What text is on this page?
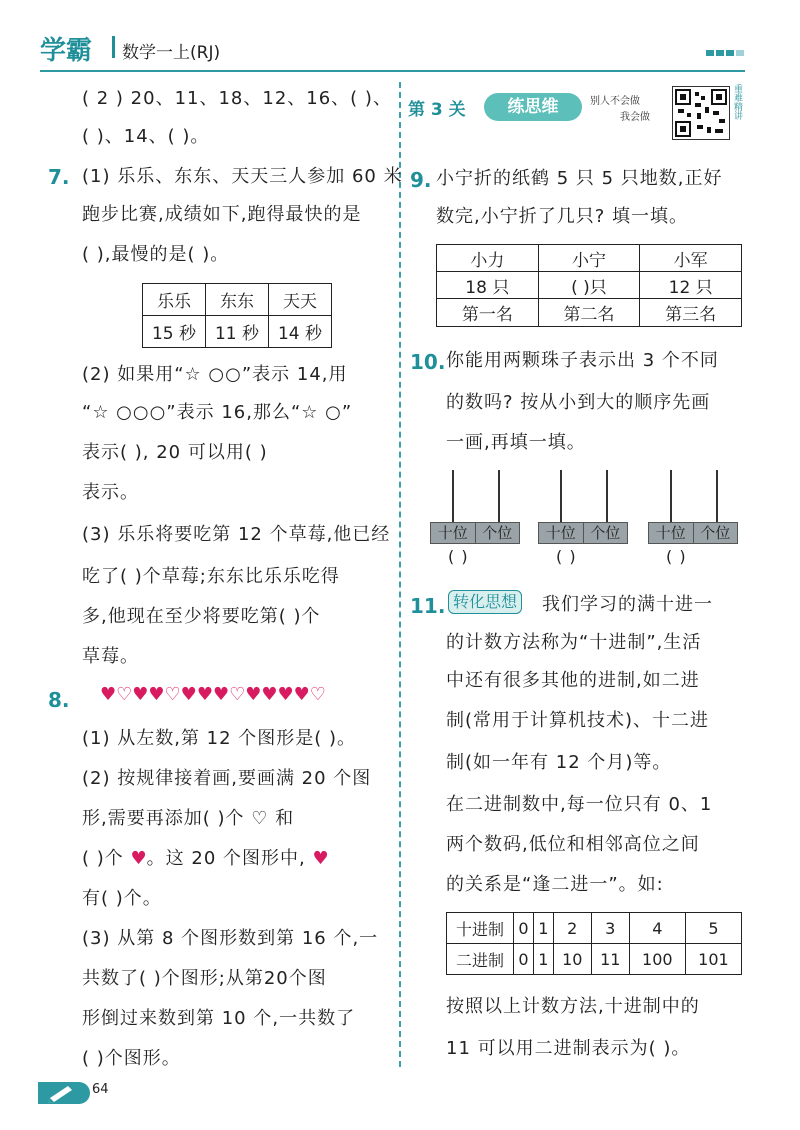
学霸 数学一上(RJ)
( 2 ) 20、11、18、12、16、( )、
( )、14、( )。
7. (1) 乐乐、东东、天天三人参加 60 米
跑步比赛,成绩如下,跑得最快的是
( ),最慢的是( )。
乐乐	东东	天天
15 秒	11 秒	14 秒
(2) 如果用“☆ ○○”表示 14,用
“☆ ○○○”表示 16,那么“☆ ○”
表示( ), 20 可以用( )
表示。
(3) 乐乐将要吃第 12 个草莓,他已经
吃了( )个草莓;东东比乐乐吃得
多,他现在至少将要吃第( )个
草莓。
8. ♥♡♥♥♡♥♥♥♡♥♥♥♥♡
(1) 从左数,第 12 个图形是( )。
(2) 按规律接着画,要画满 20 个图
形,需要再添加( )个 ♡ 和
( )个 ♥。这 20 个图形中, ♥
有( )个。
(3) 从第 8 个图形数到第 16 个,一
共数了( )个图形;从第20个图
形倒过来数到第 10 个,一共数了
( )个图形。
第 3 关	练思维	别人不会做
我会做	重难精讲
9. 小宁折的纸鹤 5 只 5 只地数,正好
数完,小宁折了几只? 填一填。
小力	小宁	小军
18 只	( )只	12 只
第一名	第二名	第三名
10. 你能用两颗珠子表示出 3 个不同
的数吗? 按从小到大的顺序先画
一画,再填一填。
十位 个位
( )
十位 个位
( )
十位 个位
( )
11. 转化思想 我们学习的满十进一
的计数方法称为“十进制”,生活
中还有很多其他的进制,如二进
制(常用于计算机技术)、十二进
制(如一年有 12 个月)等。
在二进制数中,每一位只有 0、1
两个数码,低位和相邻高位之间
的关系是“逢二进一”。如:
十进制	0	1	2	3	4	5
二进制	0	1	10	11	100	101
按照以上计数方法,十进制中的
11 可以用二进制表示为( )。
64
